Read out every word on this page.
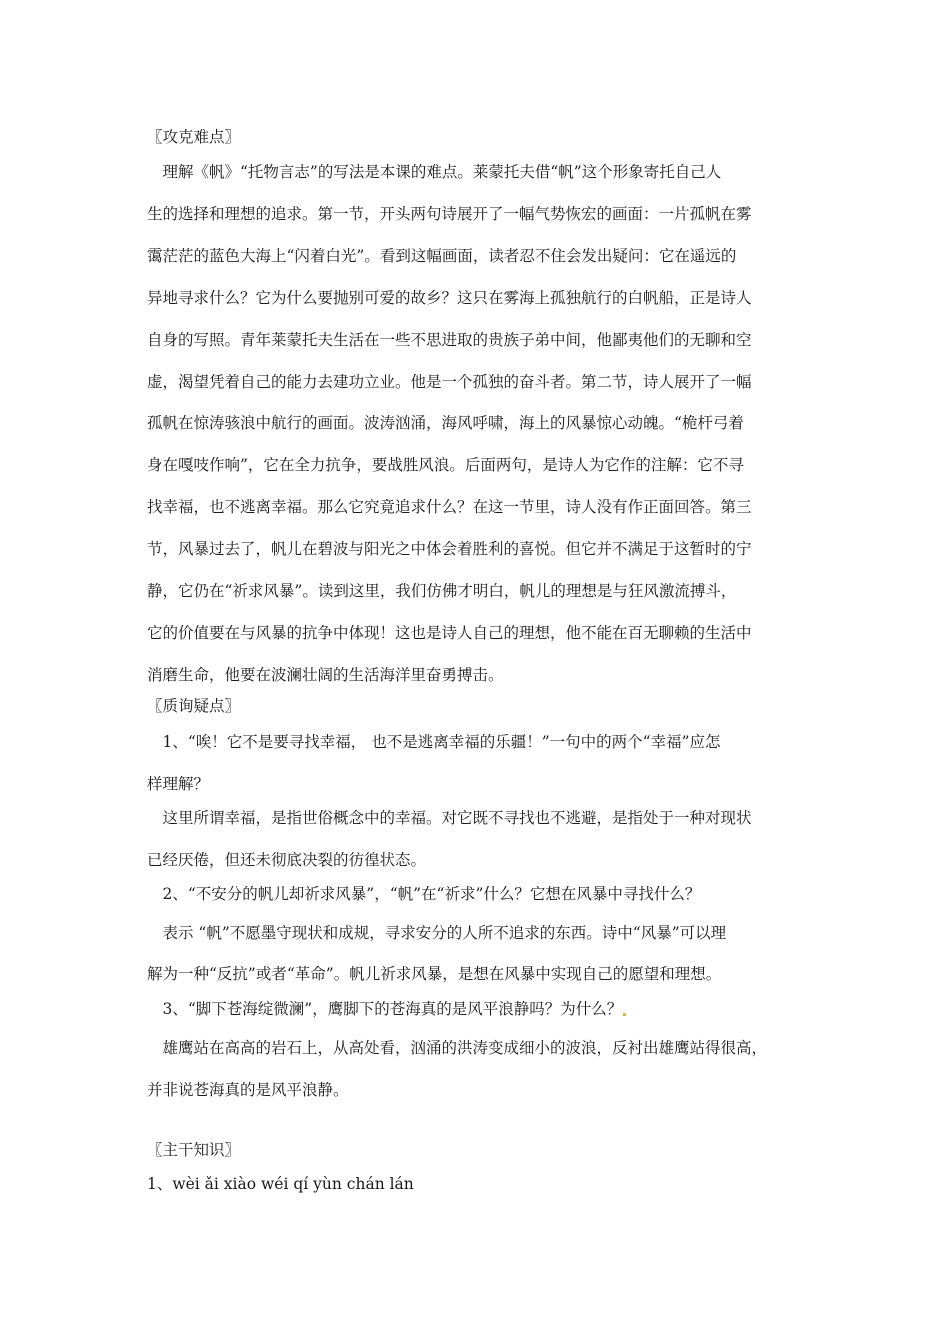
〖攻克难点〗
　理解《帆》“托物言志”的写法是本课的难点。莱蒙托夫借“帆”这个形象寄托自己人
生的选择和理想的追求。第一节，开头两句诗展开了一幅气势恢宏的画面：一片孤帆在雾
霭茫茫的蓝色大海上“闪着白光”。看到这幅画面，读者忍不住会发出疑问：它在遥远的
异地寻求什么？它为什么要抛别可爱的故乡？这只在雾海上孤独航行的白帆船，正是诗人
自身的写照。青年莱蒙托夫生活在一些不思进取的贵族子弟中间，他鄙夷他们的无聊和空
虚，渴望凭着自己的能力去建功立业。他是一个孤独的奋斗者。第二节，诗人展开了一幅
孤帆在惊涛骇浪中航行的画面。波涛汹涌，海风呼啸，海上的风暴惊心动魄。“桅杆弓着
身在嘎吱作响”，它在全力抗争，要战胜风浪。后面两句，是诗人为它作的注解：它不寻
找幸福，也不逃离幸福。那么它究竟追求什么？在这一节里，诗人没有作正面回答。第三
节，风暴过去了，帆儿在碧波与阳光之中体会着胜利的喜悦。但它并不满足于这暂时的宁
静，它仍在“祈求风暴”。读到这里，我们仿佛才明白，帆儿的理想是与狂风激流搏斗，
它的价值要在与风暴的抗争中体现！这也是诗人自己的理想，他不能在百无聊赖的生活中
消磨生命，他要在波澜壮阔的生活海洋里奋勇搏击。
〖质询疑点〗
　1、“唉！它不是要寻找幸福， 也不是逃离幸福的乐疆！”一句中的两个“幸福”应怎
样理解？
　这里所谓幸福，是指世俗概念中的幸福。对它既不寻找也不逃避，是指处于一种对现状
已经厌倦，但还未彻底决裂的彷徨状态。
　2、“不安分的帆儿却祈求风暴”，“帆”在“祈求”什么？它想在风暴中寻找什么？
　表示 “帆”不愿墨守现状和成规，寻求安分的人所不追求的东西。诗中“风暴”可以理
解为一种“反抗”或者“革命”。帆儿祈求风暴，是想在风暴中实现自己的愿望和理想。
　3、“脚下苍海绽微澜”，鹰脚下的苍海真的是风平浪静吗？为什么？
　雄鹰站在高高的岩石上，从高处看，汹涌的洪涛变成细小的波浪，反衬出雄鹰站得很高，
并非说苍海真的是风平浪静。
〖主干知识〗
1、wèi ǎi xiào wéi qí yùn chán lán
